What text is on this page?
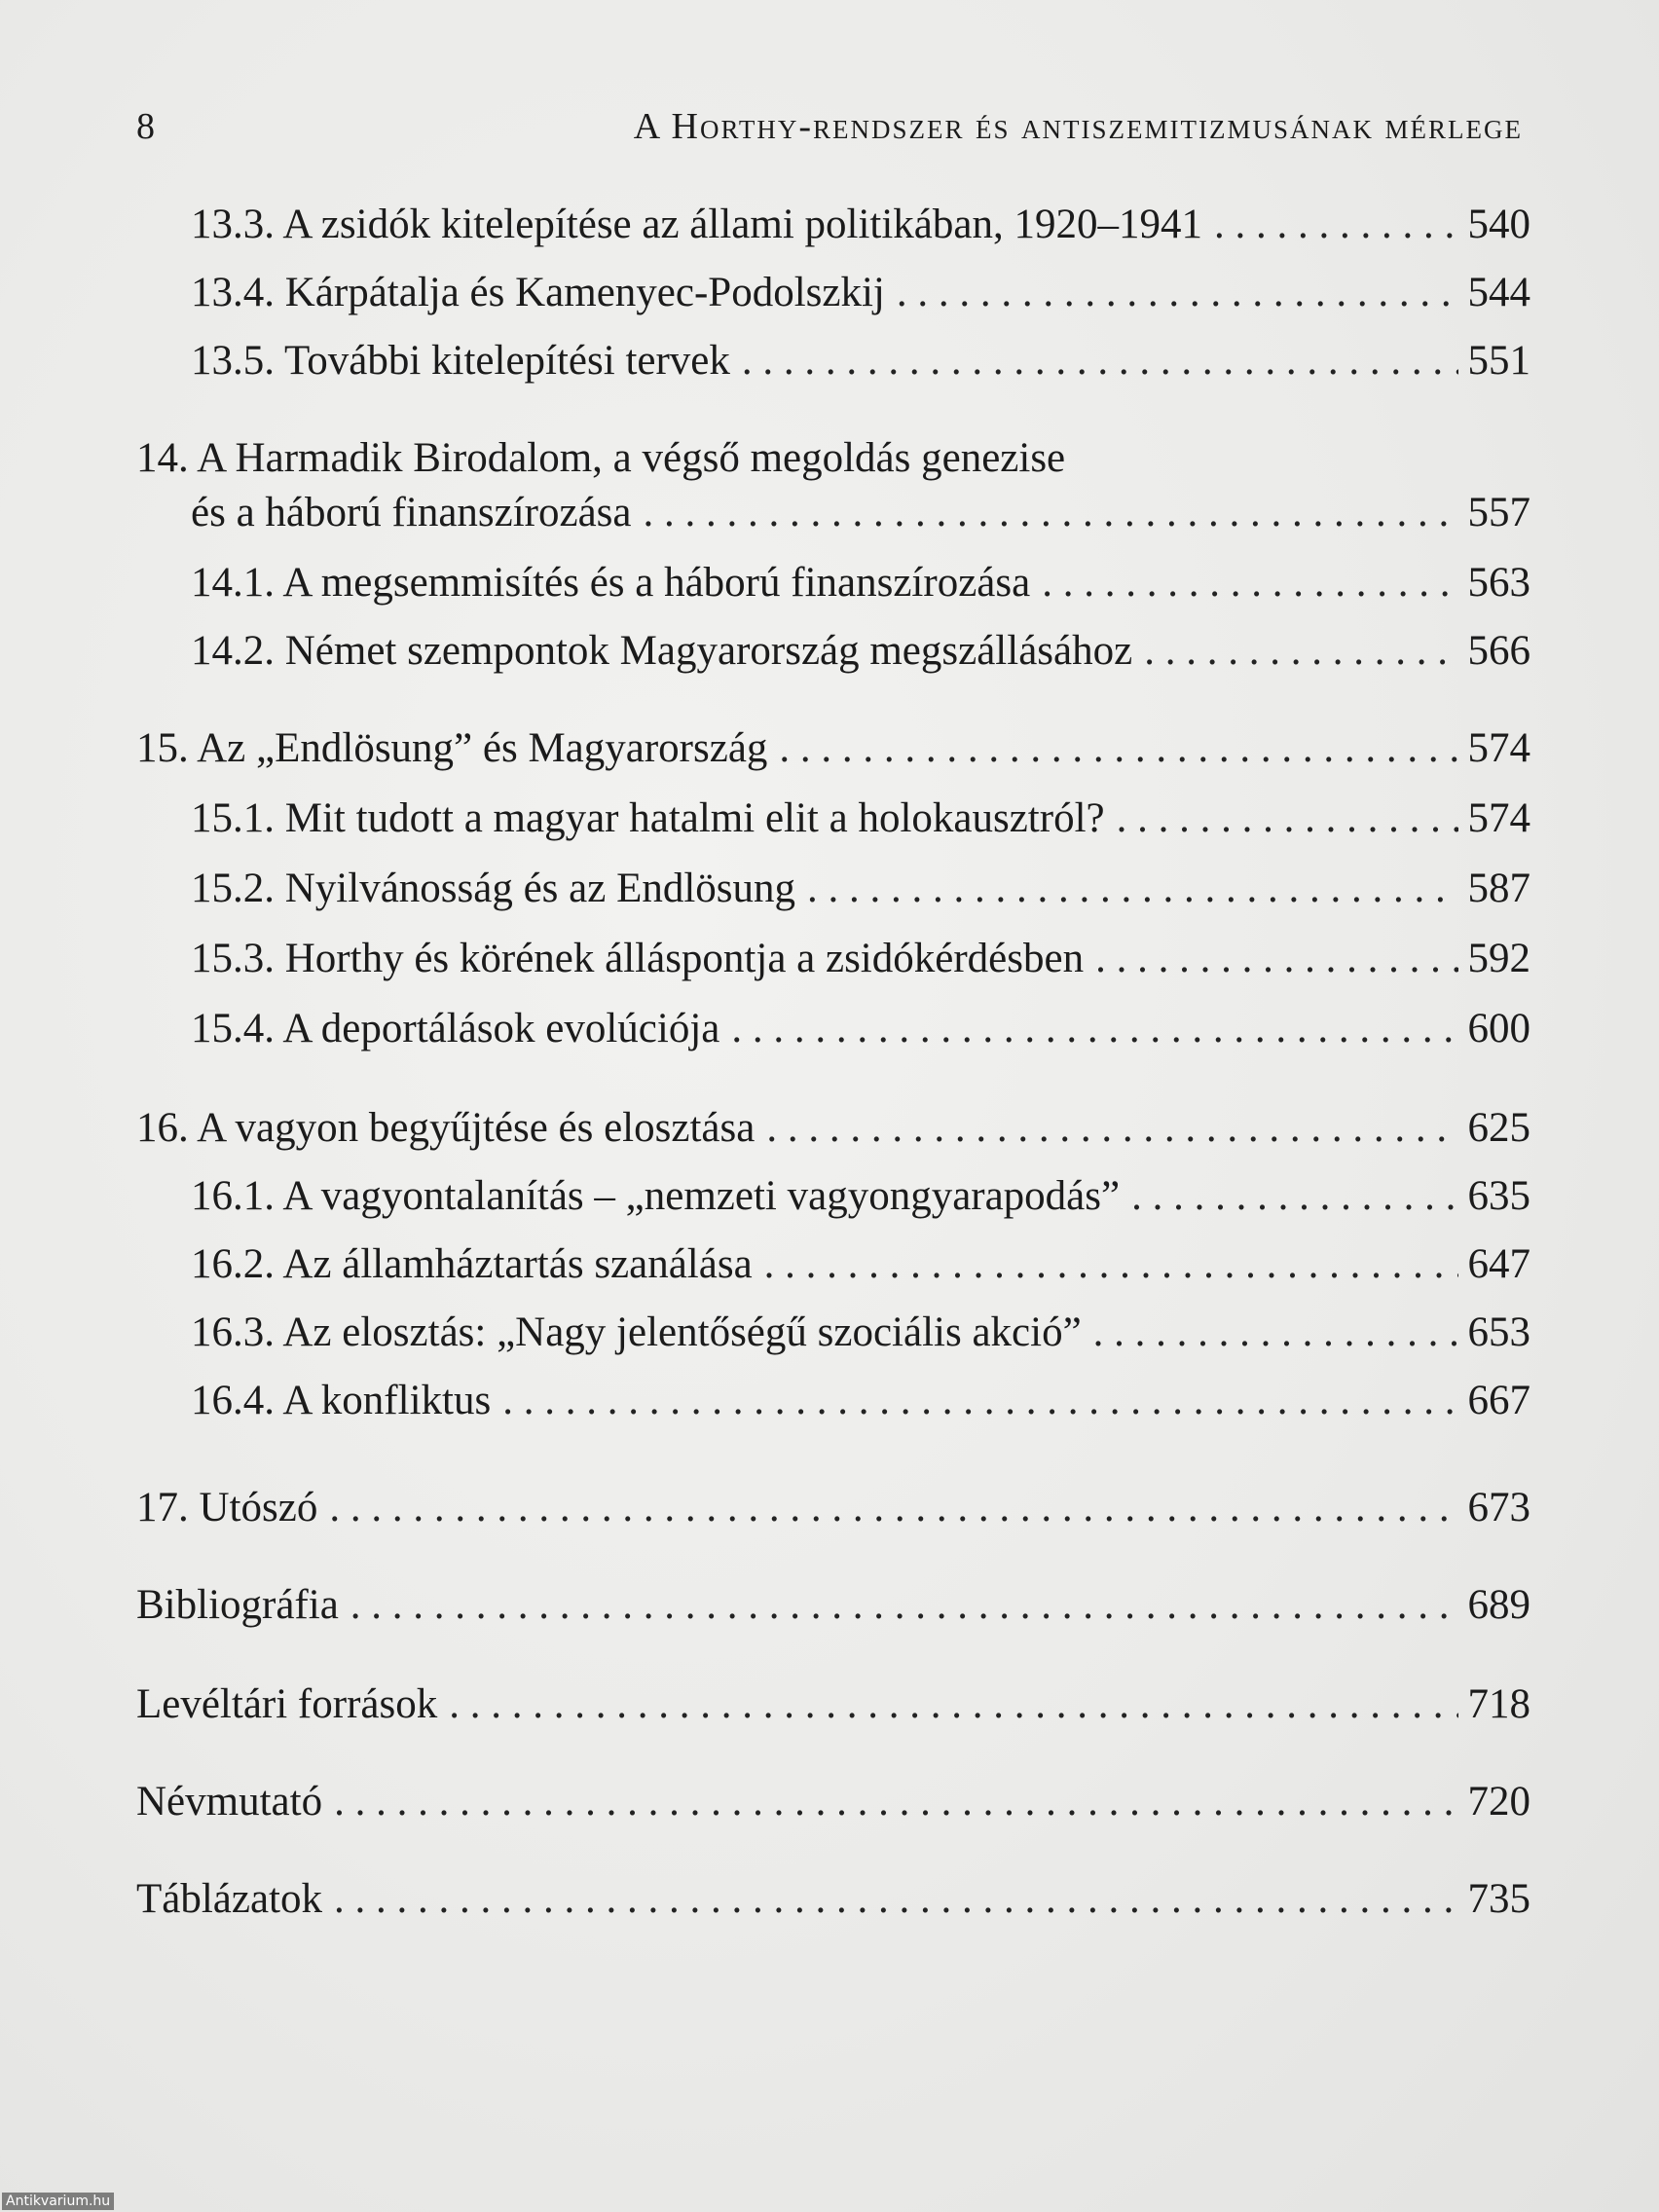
8	A Horthy-rendszer és antiszemitizmusának mérlege
13.3. A zsidók kitelepítése az állami politikában, 1920–1941 . . .	540
13.4. Kárpátalja és Kamenyec-Podolszkij . . .	544
13.5. További kitelepítési tervek . . .	551
14. A Harmadik Birodalom, a végső megoldás genezise
és a háború finanszírozása . . .	557
14.1. A megsemmisítés és a háború finanszírozása . . .	563
14.2. Német szempontok Magyarország megszállásához . . .	566
15. Az „Endlösung” és Magyarország . . .	574
15.1. Mit tudott a magyar hatalmi elit a holokausztról? . . .	574
15.2. Nyilvánosság és az Endlösung . . .	587
15.3. Horthy és körének álláspontja a zsidókérdésben . . .	592
15.4. A deportálások evolúciója . . .	600
16. A vagyon begyűjtése és elosztása . . .	625
16.1. A vagyontalanítás – „nemzeti vagyongyarapodás” . . .	635
16.2. Az államháztartás szanálása . . .	647
16.3. Az elosztás: „Nagy jelentőségű szociális akció” . . .	653
16.4. A konfliktus . . .	667
17. Utószó . . .	673
Bibliográfia . . .	689
Levéltári források . . .	718
Névmutató . . .	720
Táblázatok . . .	735
Antikvarium.hu
